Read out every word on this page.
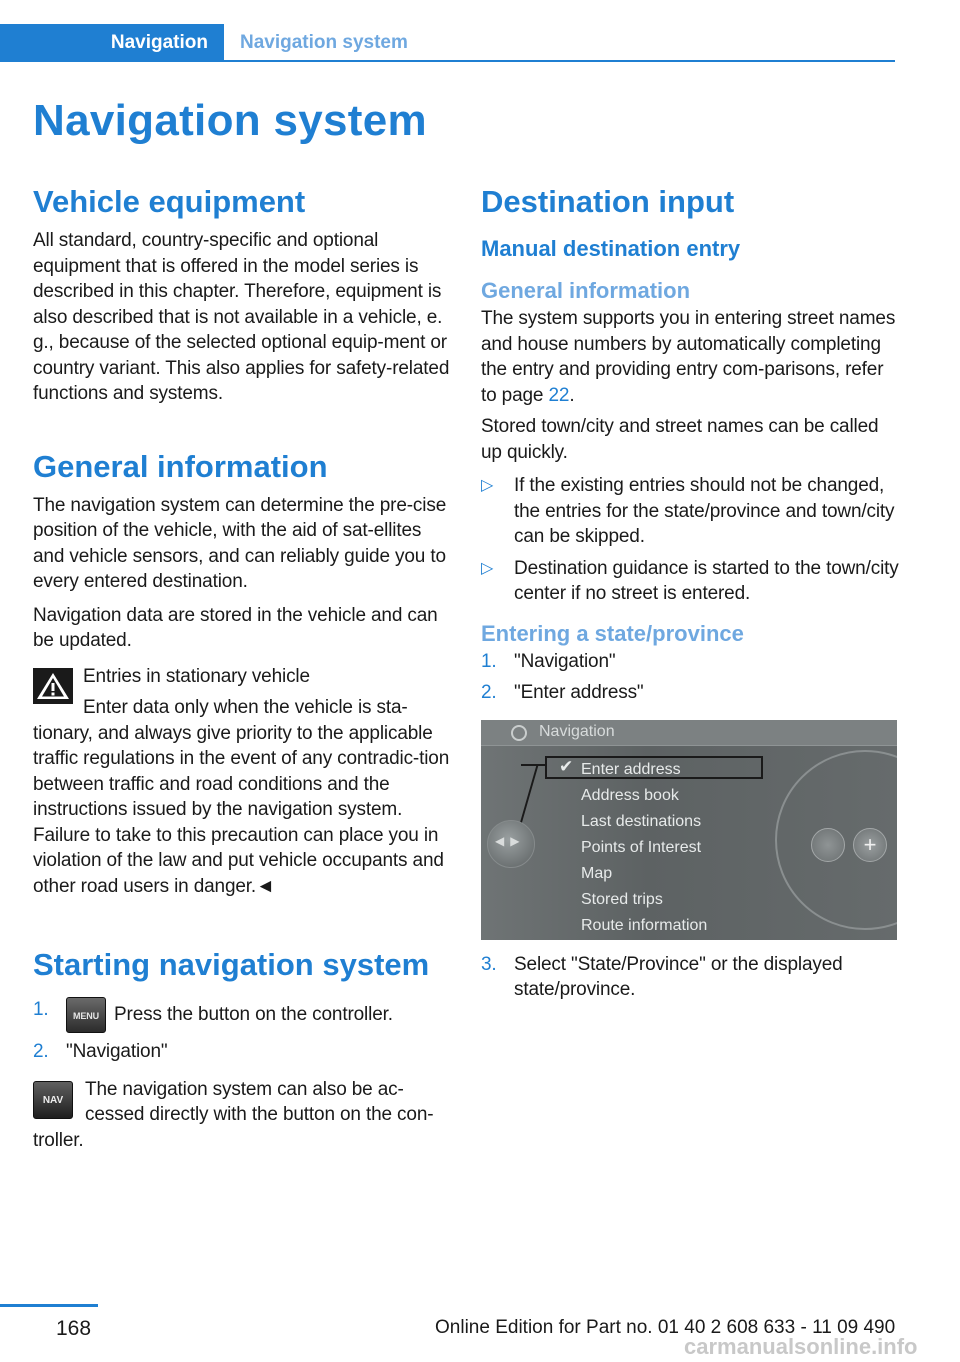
Navigation	Navigation system
Navigation system
Vehicle equipment

All standard, country-specific and optional equipment that is offered in the model series is described in this chapter. Therefore, equipment is also described that is not available in a vehicle, e. g., because of the selected optional equip-ment or country variant. This also applies for safety-related functions and systems.

General information

The navigation system can determine the pre-cise position of the vehicle, with the aid of sat-ellites and vehicle sensors, and can reliably guide you to every entered destination.

Navigation data are stored in the vehicle and can be updated.

Entries in stationary vehicle

Enter data only when the vehicle is sta-

tionary, and always give priority to the applicable traffic regulations in the event of any contradic-tion between traffic and road conditions and the instructions issued by the navigation system. Failure to take to this precaution can place you in violation of the law and put vehicle occupants and other road users in danger.◄

Starting navigation system
1.	MENU Press the button on the controller.
2. "Navigation"
NAV

The navigation system can also be ac-cessed directly with the button on the con-troller.

Destination input
Manual destination entry
General information

The system supports you in entering street names and house numbers by automatically completing the entry and providing entry com-parisons, refer to page 22.

Stored town/city and street names can be called up quickly.

▷ If the existing entries should not be changed, the entries for the state/province and town/city can be skipped.
▷ Destination guidance is started to the town/city center if no street is entered.
Entering a state/province
1. "Navigation"
2. "Enter address"
Navigation
✔
◀▶
Enter address
Address book
Last destinations
Points of Interest
Map
Stored trips
Route information
+
3. Select "State/Province" or the displayed state/province.
168	Online Edition for Part no. 01 40 2 608 633 - 11 09 490
carmanualsonline.info
